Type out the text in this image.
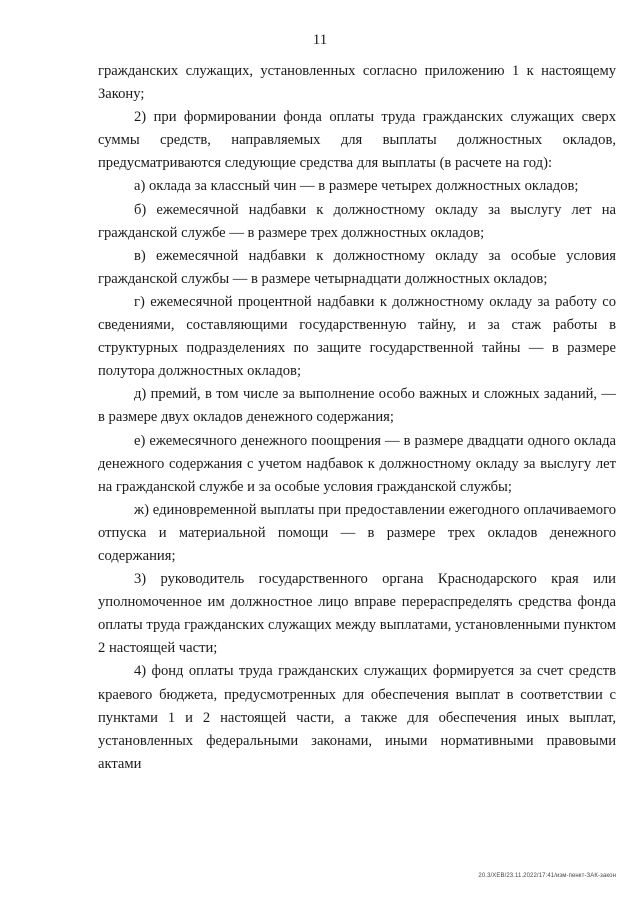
11

гражданских служащих, установленных согласно приложению 1 к настоящему Закону;

2) при формировании фонда оплаты труда гражданских служащих сверх суммы средств, направляемых для выплаты должностных окладов, предусматриваются следующие средства для выплаты (в расчете на год):

а) оклада за классный чин — в размере четырех должностных окладов;

б) ежемесячной надбавки к должностному окладу за выслугу лет на гражданской службе — в размере трех должностных окладов;

в) ежемесячной надбавки к должностному окладу за особые условия гражданской службы — в размере четырнадцати должностных окладов;

г) ежемесячной процентной надбавки к должностному окладу за работу со сведениями, составляющими государственную тайну, и за стаж работы в структурных подразделениях по защите государственной тайны — в размере полутора должностных окладов;

д) премий, в том числе за выполнение особо важных и сложных заданий, — в размере двух окладов денежного содержания;

е) ежемесячного денежного поощрения — в размере двадцати одного оклада денежного содержания с учетом надбавок к должностному окладу за выслугу лет на гражданской службе и за особые условия гражданской службы;

ж) единовременной выплаты при предоставлении ежегодного оплачиваемого отпуска и материальной помощи — в размере трех окладов денежного содержания;

3) руководитель государственного органа Краснодарского края или уполномоченное им должностное лицо вправе перераспределять средства фонда оплаты труда гражданских служащих между выплатами, установленными пунктом 2 настоящей части;

4) фонд оплаты труда гражданских служащих формируется за счет средств краевого бюджета, предусмотренных для обеспечения выплат в соответствии с пунктами 1 и 2 настоящей части, а также для обеспечения иных выплат, установленных федеральными законами, иными нормативными правовыми актами

20.3/ХЕВ/23.11.2022/17:41/изм-пенкт-ЗАК-закон
